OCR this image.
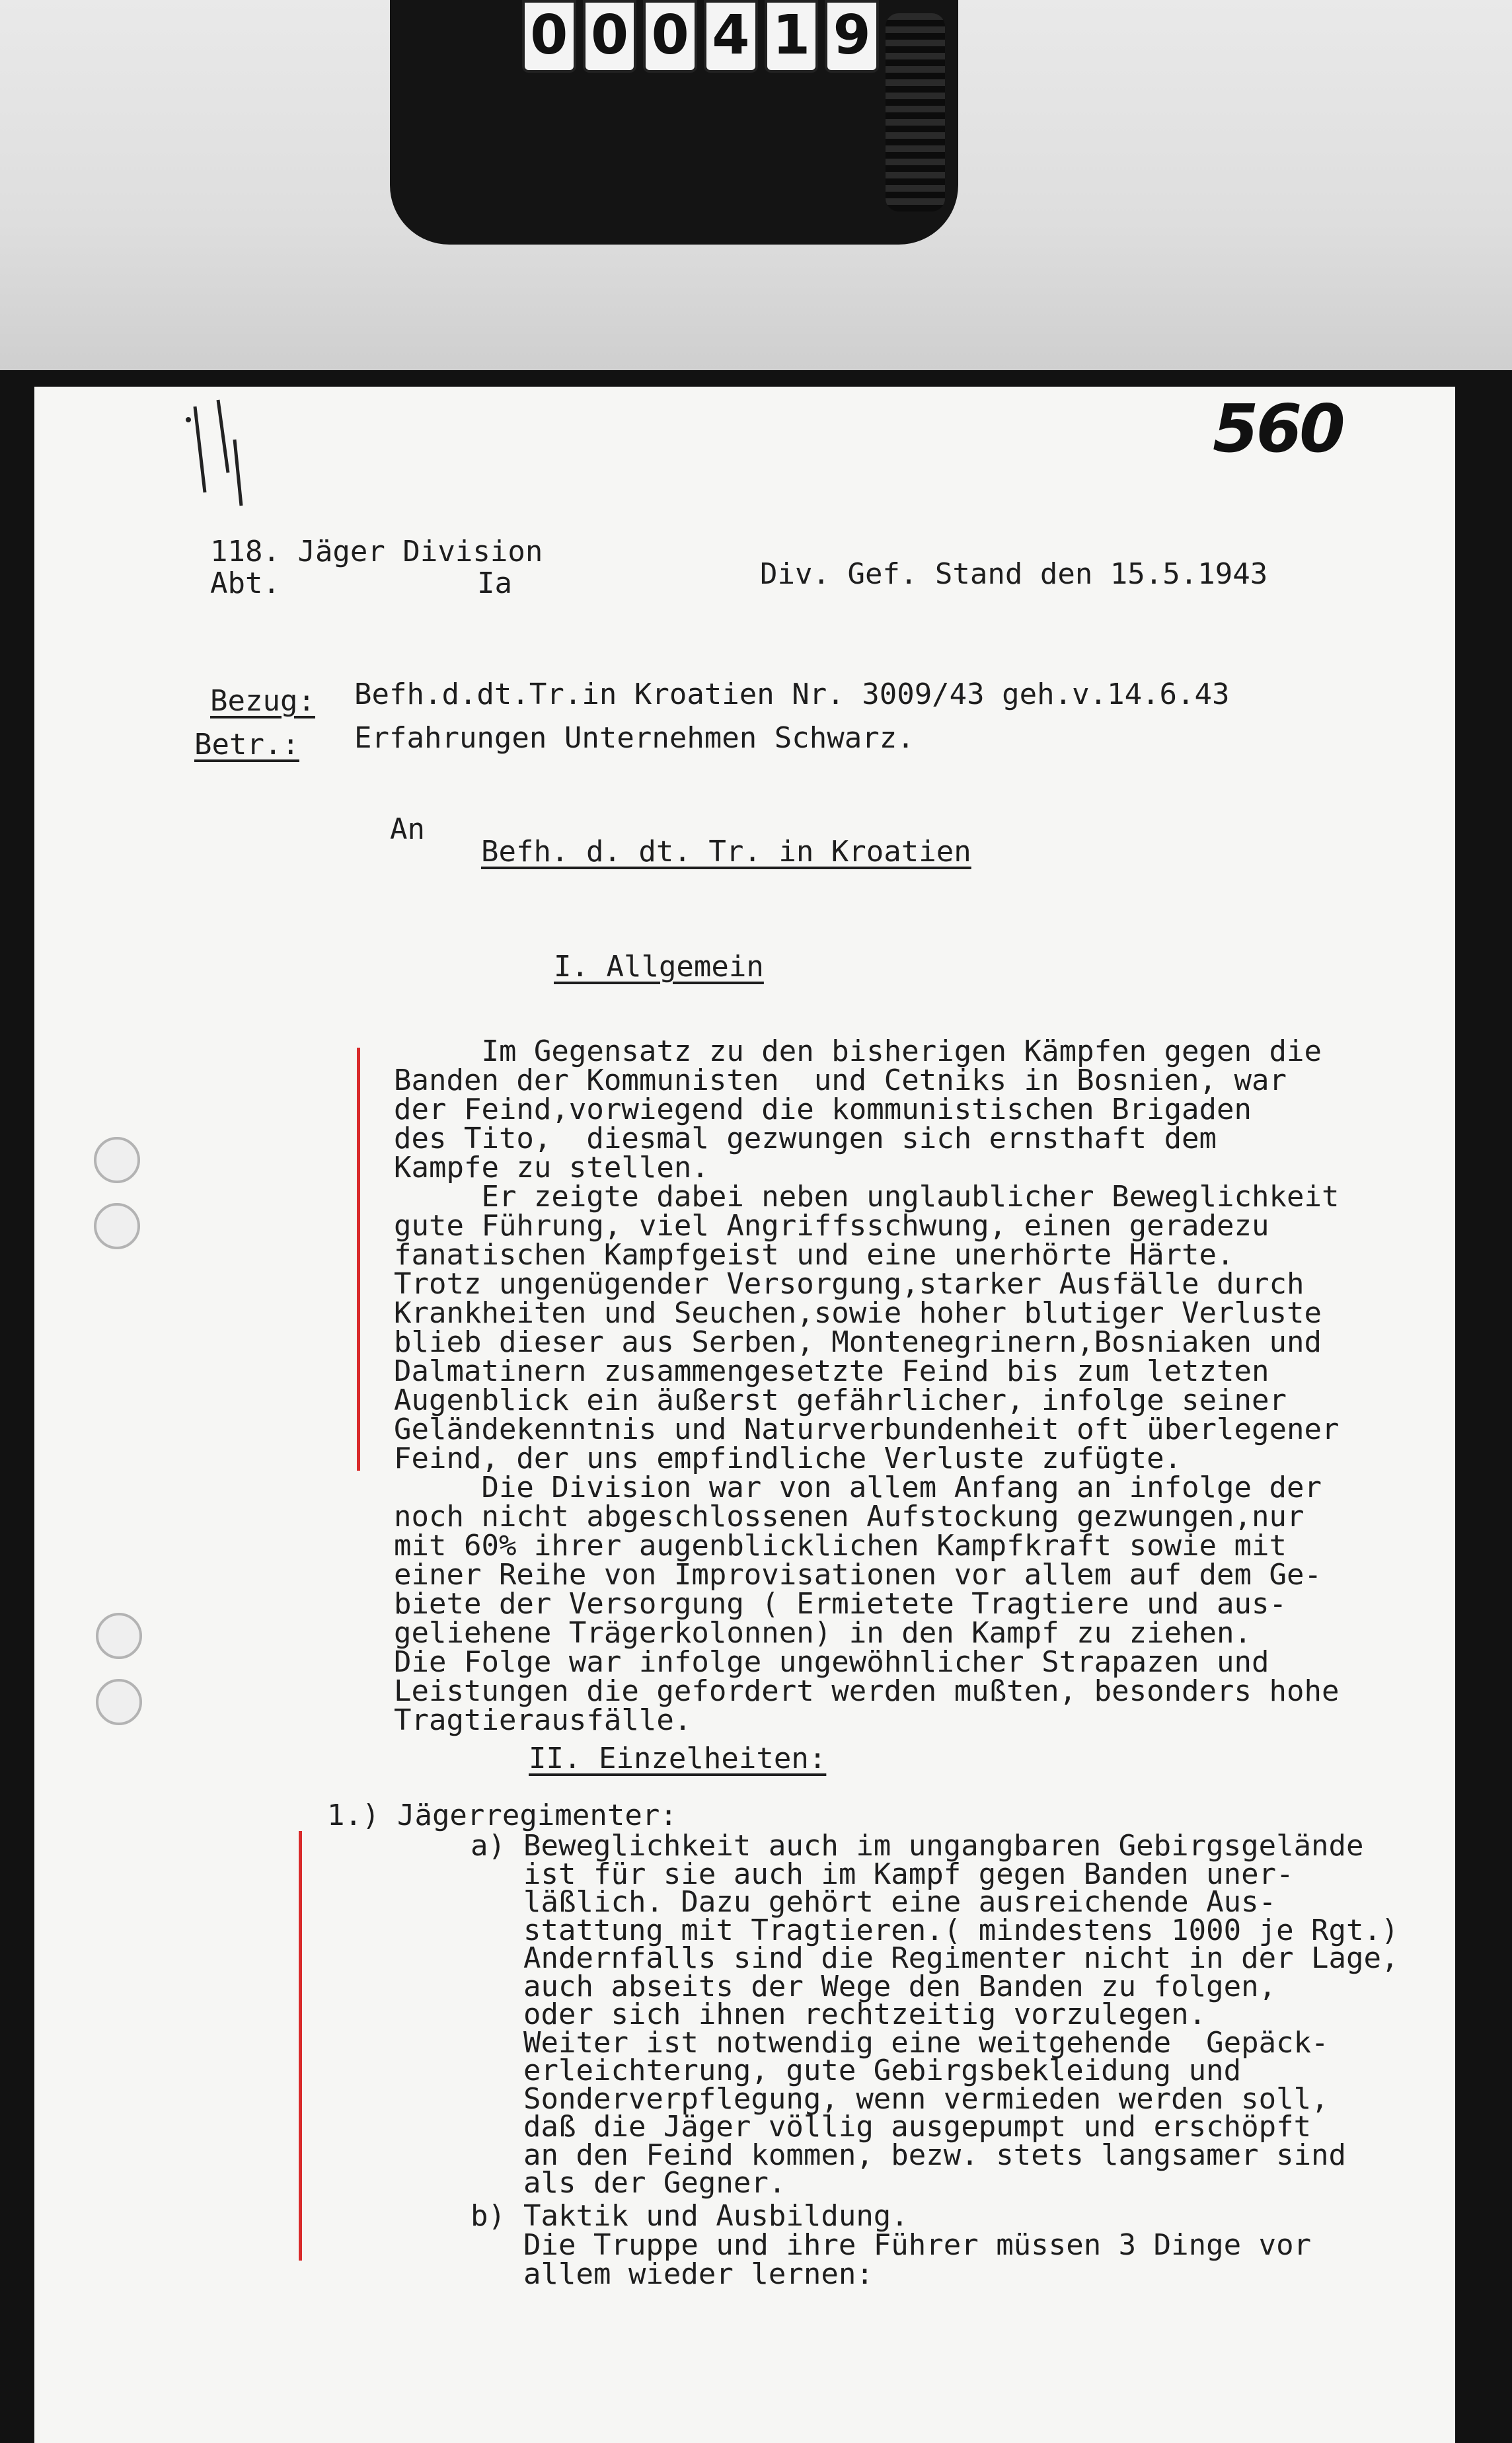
0 0 0 4 1 9
560
118. Jäger Division
Abt.	Ia	Div. Gef. Stand den 15.5.1943
Bezug: Befh.d.dt.Tr.in Kroatien Nr. 3009/43 geh.v.14.6.43
Betr.: Erfahrungen Unternehmen Schwarz.
An
Befh. d. dt. Tr. in Kroatien
I. Allgemein
Im Gegensatz zu den bisherigen Kämpfen gegen die
Banden der Kommunisten  und Cetniks in Bosnien, war
der Feind,vorwiegend die kommunistischen Brigaden
des Tito,  diesmal gezwungen sich ernsthaft dem
Kampfe zu stellen.
Er zeigte dabei neben unglaublicher Beweglichkeit
gute Führung, viel Angriffsschwung, einen geradezu
fanatischen Kampfgeist und eine unerhörte Härte.
Trotz ungenügender Versorgung,starker Ausfälle durch
Krankheiten und Seuchen,sowie hoher blutiger Verluste
blieb dieser aus Serben, Montenegrinern,Bosniaken und
Dalmatinern zusammengesetzte Feind bis zum letzten
Augenblick ein äußerst gefährlicher, infolge seiner
Geländekenntnis und Naturverbundenheit oft überlegener
Feind, der uns empfindliche Verluste zufügte.
Die Division war von allem Anfang an infolge der
noch nicht abgeschlossenen Aufstockung gezwungen,nur
mit 60% ihrer augenblicklichen Kampfkraft sowie mit
einer Reihe von Improvisationen vor allem auf dem Ge-
biete der Versorgung ( Ermietete Tragtiere und aus-
geliehene Trägerkolonnen) in den Kampf zu ziehen.
Die Folge war infolge ungewöhnlicher Strapazen und
Leistungen die gefordert werden mußten, besonders hohe
Tragtierausfälle.
II. Einzelheiten:
1.) Jägerregimenter:
a) Beweglichkeit auch im ungangbaren Gebirgsgelände
ist für sie auch im Kampf gegen Banden uner-
läßlich. Dazu gehört eine ausreichende Aus-
stattung mit Tragtieren.( mindestens 1000 je Rgt.)
Andernfalls sind die Regimenter nicht in der Lage,
auch abseits der Wege den Banden zu folgen,
oder sich ihnen rechtzeitig vorzulegen.
Weiter ist notwendig eine weitgehende  Gepäck-
erleichterung, gute Gebirgsbekleidung und
Sonderverpflegung, wenn vermieden werden soll,
daß die Jäger völlig ausgepumpt und erschöpft
an den Feind kommen, bezw. stets langsamer sind
als der Gegner.
b) Taktik und Ausbildung.
Die Truppe und ihre Führer müssen 3 Dinge vor
allem wieder lernen:
